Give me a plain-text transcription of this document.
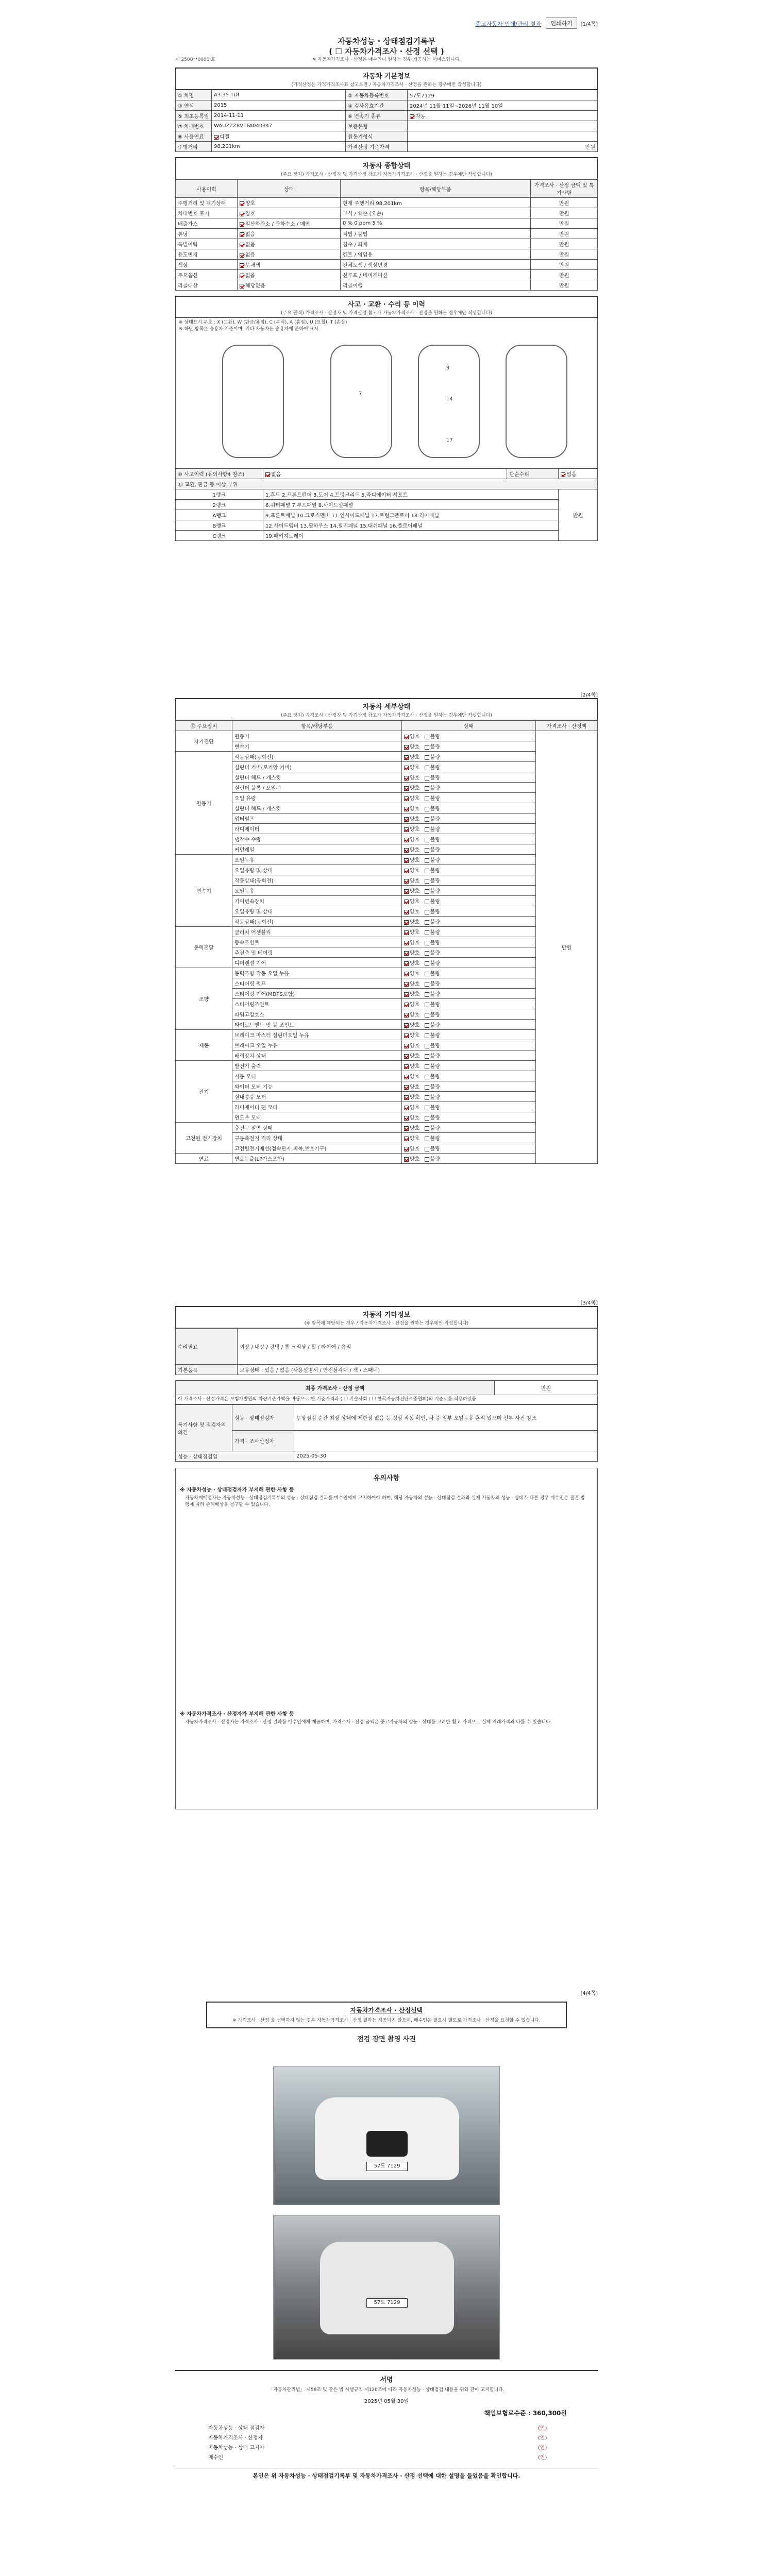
중고자동차 인쇄/관리 결과	인쇄하기	[1/4쪽]
자동차성능 · 상태점검기록부
( ☐ 자동차가격조사 · 산정 선택 )
제 2500**0000 호	※ 자동차가격조사 · 산정은 매수인이 원하는 경우 제공하는 서비스입니다.
자동차 기본정보
(가격산정은 가격가격조사표 참고로만 / 자동차가격조사 · 산정을 원하는 경우에만 작성합니다)
① 차명	A3 35 TDI	② 자동차등록번호	57도7129
③ 연식	2015	④ 검사유효기간	2024년 11월 11일~2026년 11월 10일
⑤ 최초등록일	2014-11-11	⑥ 변속기 종류	자동
⑦ 차대번호	WAUZZZ8V1FA040347	보증유형	
⑧ 사용연료	디젤	원동기형식	
주행거리	98,201km	가격산정 기준가격	만원
자동차 종합상태
(주요 장치) 가격조사 · 산정자 및 가격산정 참고가 자동차가격조사 · 산정을 원하는 경우에만 작성합니다)
사용이력	상태	항목/해당부품	가격조사 · 산정 금액 및 특기사항
주행거리 및 계기상태	양호	현재 주행거리 98,201km	만원
차대번호 표기	양호	부식 / 훼손 (오손)	만원
배출가스	일산화탄소 / 탄화수소 / 매연	0 % 0 ppm 5 %	만원
튜닝	없음	적법 / 불법	만원
특별이력	없음	침수 / 화재	만원
용도변경	없음	렌트 / 영업용	만원
색상	무채색	전체도색 / 색상변경	만원
주요옵션	없음	선루프 / 네비게이션	만원
리콜대상	해당없음	리콜이행	만원
사고 · 교환 · 수리 등 이력
(주요 골격) 가격조사 · 산정자 및 가격산정 참고가 자동차가격조사 · 산정을 원하는 경우에만 작성합니다)
※ 상태표시 부호 : X (교환), W (판금/용접), C (부식), A (흠집), U (요철), T (손상)
※ 하단 항목은 승용차 기준이며, 기타 자동차는 승용차에 준하여 표시
7
9
14
17
⑩ 사고이력 (유의사항4 참조)	없음	단순수리	없음
⑪ 교환, 판금 등 이상 부위			
1랭크	1.후드 2.프론트펜더 3.도어 4.트렁크리드 5.라디에이터 서포트		만원
2랭크	6.쿼터패널 7.루프패널 8.사이드실패널		
A랭크	9.프론트패널 10.크로스멤버 11.인사이드패널 17.트렁크플로어 18.리어패널		
B랭크	12.사이드멤버 13.휠하우스 14.필러패널 15.대쉬패널 16.플로어패널		
C랭크	19.패키지트레이		
[2/4쪽]
자동차 세부상태
(주요 장치) 가격조사 · 산정자 및 가격산정 참고가 자동차가격조사 · 산정을 원하는 경우에만 작성합니다)
⑫ 주요장치	항목/해당부품	상태	가격조사 · 산정액
자기진단	원동기	양호 불량	만원
	변속기	양호 불량	
원동기	작동상태(공회전)	양호 불량	
	실린더 커버(로커암 커버)	양호 불량	
	실린더 헤드 / 개스킷	양호 불량	
	실린더 블록 / 오일팬	양호 불량	
	오일 유량	양호 불량	
	실린더 헤드 / 개스킷	양호 불량	
	워터펌프	양호 불량	
	라디에이터	양호 불량	
	냉각수 수량	양호 불량	
	커먼레일	양호 불량	
변속기	오일누유	양호 불량	
	오일유량 및 상태	양호 불량	
	작동상태(공회전)	양호 불량	
	오일누유	양호 불량	
	기어변속장치	양호 불량	
	오일유량 및 상태	양호 불량	
	작동상태(공회전)	양호 불량	
동력전달	클러치 어셈블리	양호 불량	
	등속조인트	양호 불량	
	추진축 및 베어링	양호 불량	
	디퍼렌셜 기어	양호 불량	
조향	동력조향 작동 오일 누유	양호 불량	
	스티어링 펌프	양호 불량	
	스티어링 기어(MDPS포함)	양호 불량	
	스티어링조인트	양호 불량	
	파워고압호스	양호 불량	
	타이로드엔드 및 볼 조인트	양호 불량	
제동	브레이크 마스터 실린더오일 누유	양호 불량	
	브레이크 오일 누유	양호 불량	
	배력장치 상태	양호 불량	
전기	발전기 출력	양호 불량	
	시동 모터	양호 불량	
	와이퍼 모터 기능	양호 불량	
	실내송풍 모터	양호 불량	
	라디에이터 팬 모터	양호 불량	
	윈도우 모터	양호 불량	
고전원 전기장치	충전구 절연 상태	양호 불량	
	구동축전지 격리 상태	양호 불량	
	고전원전기배선(접속단자,피복,보호기구)	양호 불량	
연료	연료누출(LP가스포함)	양호 불량	
[3/4쪽]
자동차 기타정보
(※ 항목에 해당되는 경우 / 자동차가격조사 · 산정을 원하는 경우에만 작성합니다)
수리필요	외장 / 내장 / 광택 / 룸 크리닝 / 휠 / 타이어 / 유리
기본품목	보유상태 : 있음 / 없음 (사용설명서 / 안전삼각대 / 잭 / 스패너)
최종 가격조사 · 산정 금액	만원
이 가격조사 · 산정가격은 보험개발원의 차량기준가액을 바탕으로 한 기준가격과 ( ☐ 기술사회 / ☐ 한국자동차진단보증협회)의 기준서를 적용하였음
특기사항 및 점검자의 의견	성능 · 상태점검자	무상점검 순간 최상 상태에 제한점 없음 등 정상 작동 확인, 차 중 일부 오일누유 흔적 있으며 전부 사진 참조
	가격 · 조사산정자	
성능 · 상태점검일		2025-05-30
유의사항
※ 자동차성능 · 상태점검자가 부지해 관한 사항 등
자동차매매업자는 자동차성능 · 상태점검기록부의 성능 · 상태점검 결과를 매수인에게 고지하여야 하며, 해당 자동차의 성능 · 상태점검 결과와 실제 자동차의 성능 · 상태가 다른 경우 매수인은 관련 법령에 따라 손해배상을 청구할 수 있습니다.
※ 자동차가격조사 · 산정자가 부지해 관한 사항 등
자동차가격조사 · 산정자는 가격조사 · 산정 결과를 매수인에게 제공하며, 가격조사 · 산정 금액은 중고자동차의 성능 · 상태를 고려한 참고 가격으로 실제 거래가격과 다를 수 있습니다.
[4/4쪽]
자동차가격조사 · 산정선택
※ 가격조사 · 산정 을 선택하지 않는 경우 자동차가격조사 · 산정 결과는 제공되지 않으며, 매수인은 필요시 별도로 가격조사 · 산정을 요청할 수 있습니다.
점검 장면 촬영 사진
57도 7129
57도 7129
서명
「자동차관리법」 제58조 및 같은 법 시행규칙 제120조에 따라 자동차성능 · 상태점검 내용을 위와 같이 고지합니다.
2025년 05월 30일
책임보험료수준 : 360,300원
자동차성능 · 상태 점검자		(인)
자동차가격조사 · 산정자		(인)
자동차성능 · 상태 고지자		(인)
매수인		(인)
본인은 위 자동차성능 · 상태점검기록부 및 자동차가격조사 · 산정 선택에 대한 설명을 들었음을 확인합니다.
